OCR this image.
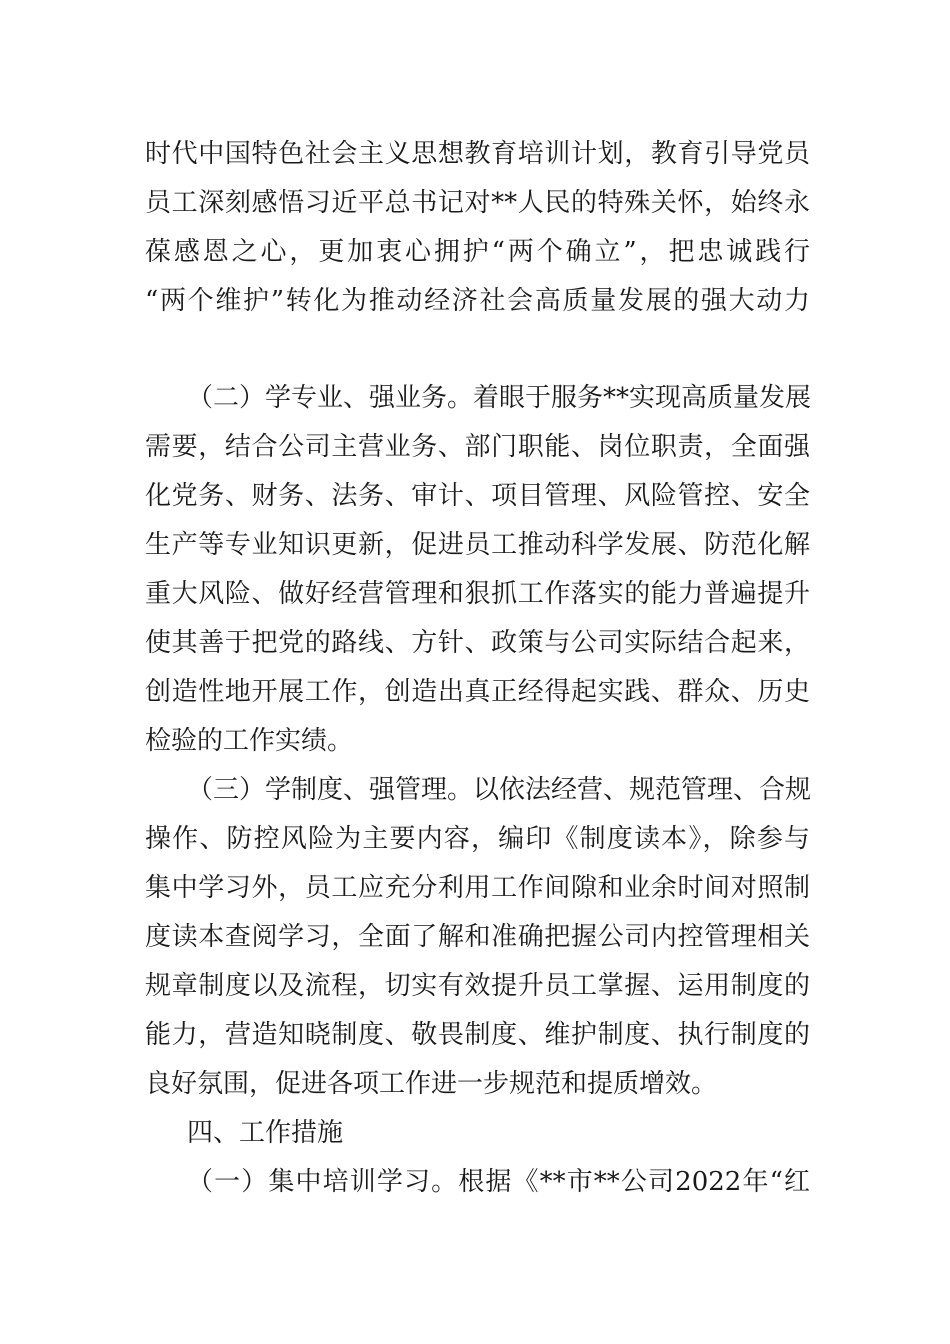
时代中国特色社会主义思想教育培训计划，教育引导党员
员工深刻感悟习近平总书记对**人民的特殊关怀，始终永
葆感恩之心，更加衷心拥护“两个确立”，把忠诚践行
“两个维护”转化为推动经济社会高质量发展的强大动力
（二）学专业、强业务。着眼于服务**实现高质量发展
需要，结合公司主营业务、部门职能、岗位职责，全面强
化党务、财务、法务、审计、项目管理、风险管控、安全
生产等专业知识更新，促进员工推动科学发展、防范化解
重大风险、做好经营管理和狠抓工作落实的能力普遍提升
使其善于把党的路线、方针、政策与公司实际结合起来，
创造性地开展工作，创造出真正经得起实践、群众、历史
检验的工作实绩。
（三）学制度、强管理。以依法经营、规范管理、合规
操作、防控风险为主要内容，编印《制度读本》，除参与
集中学习外，员工应充分利用工作间隙和业余时间对照制
度读本查阅学习，全面了解和准确把握公司内控管理相关
规章制度以及流程，切实有效提升员工掌握、运用制度的
能力，营造知晓制度、敬畏制度、维护制度、执行制度的
良好氛围，促进各项工作进一步规范和提质增效。
四、工作措施
（一）集中培训学习。根据《**市**公司2022年“红
